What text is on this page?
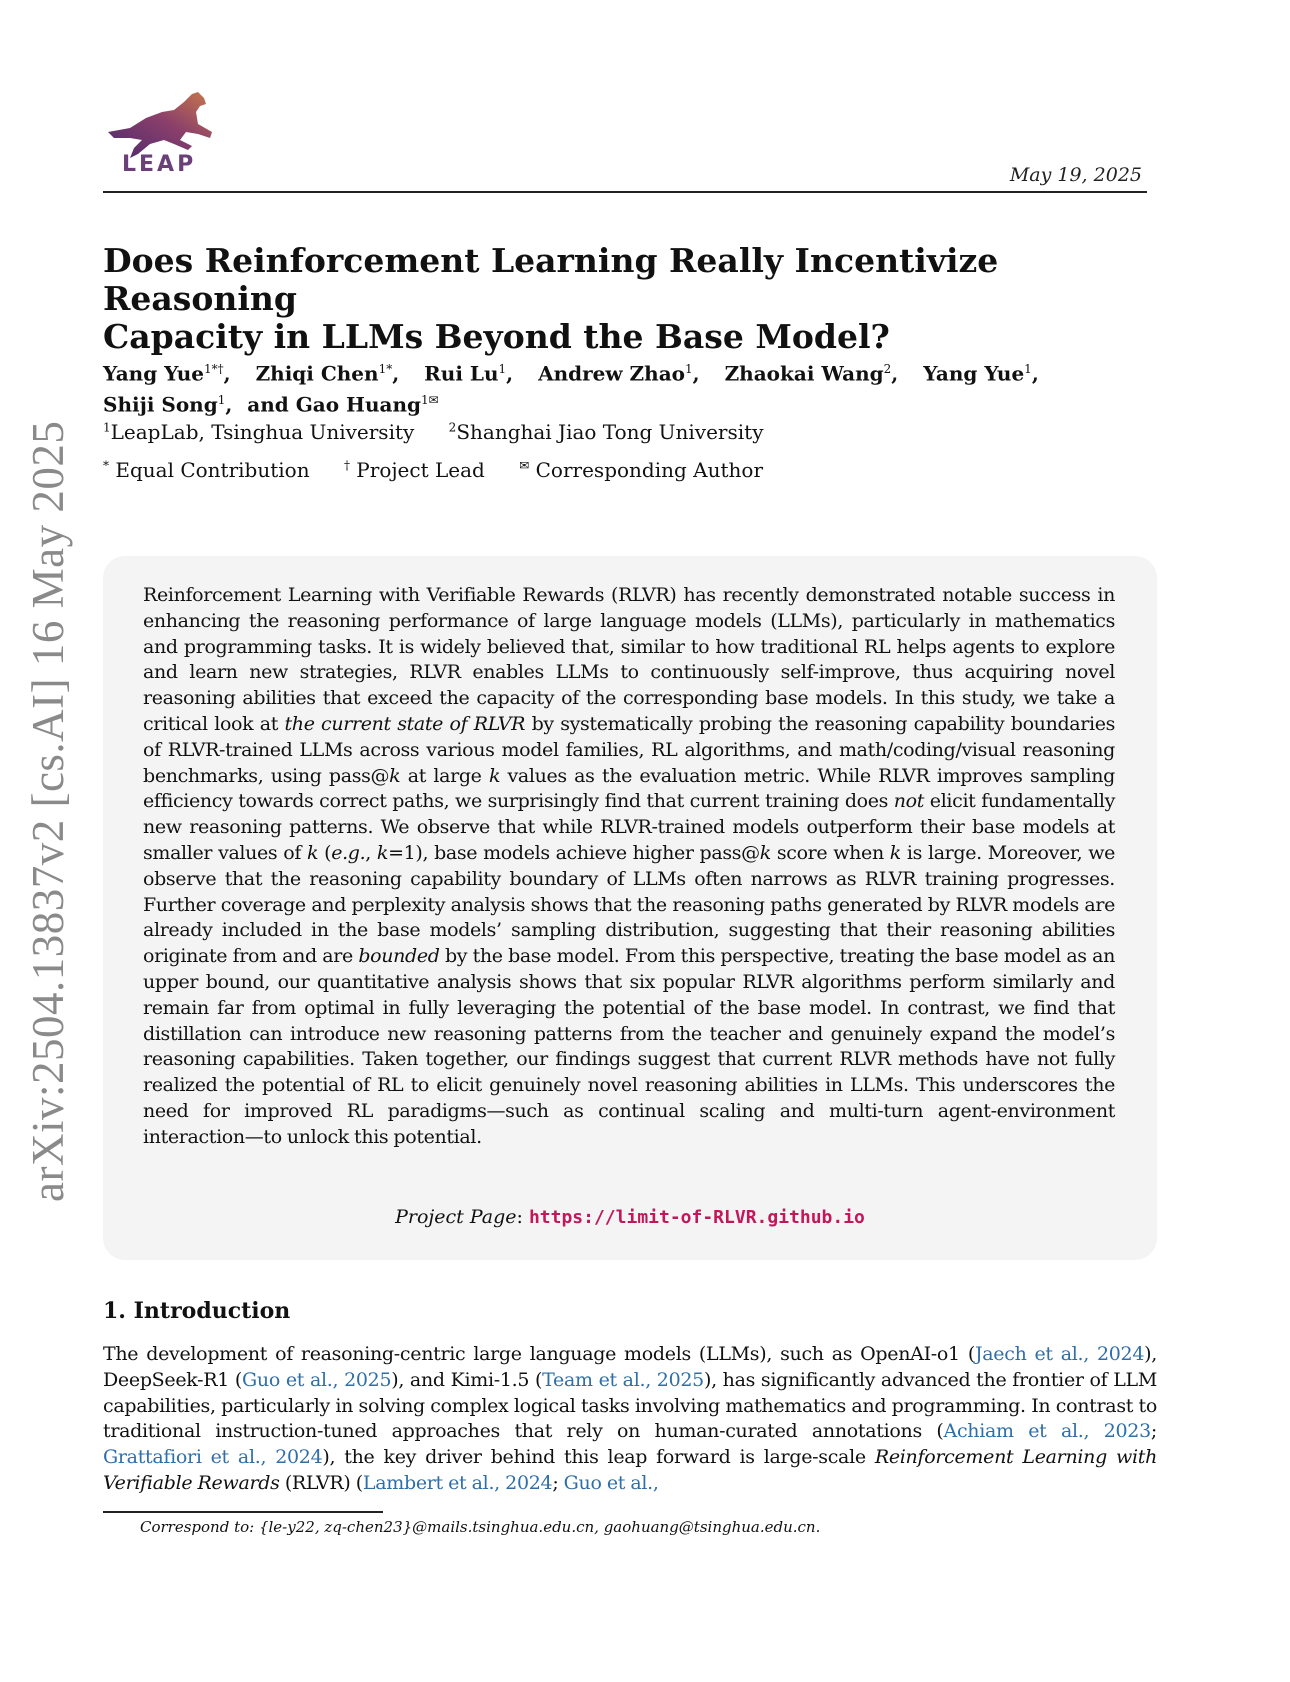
arXiv:2504.13837v2 [cs.AI] 16 May 2025
LEAP	May 19, 2025
Does Reinforcement Learning Really Incentivize Reasoning
Capacity in LLMs Beyond the Base Model?
Yang Yue$^{1*\dagger}$, Zhiqi Chen$^{1*}$, Rui Lu$^1$, Andrew Zhao$^1$, Zhaokai Wang$^2$, Yang Yue$^1$,
Shiji Song$^1$, and Gao Huang$^{1✉}$
$^1$LeapLab, Tsinghua University	$^2$Shanghai Jiao Tong University
* Equal Contribution	† Project Lead	✉ Corresponding Author
Reinforcement Learning with Verifiable Rewards (RLVR) has recently demonstrated notable success in enhancing the reasoning performance of large language models (LLMs), particularly in mathematics and programming tasks. It is widely believed that, similar to how traditional RL helps agents to explore and learn new strategies, RLVR enables LLMs to continuously self-improve, thus acquiring novel reasoning abilities that exceed the capacity of the corresponding base models. In this study, we take a critical look at the current state of RLVR by systematically probing the reasoning capability boundaries of RLVR-trained LLMs across various model families, RL algorithms, and math/coding/visual reasoning benchmarks, using pass@k at large k values as the evaluation metric. While RLVR improves sampling efficiency towards correct paths, we surprisingly find that current training does not elicit fundamentally new reasoning patterns. We observe that while RLVR-trained models outperform their base models at smaller values of k (e.g., k=1), base models achieve higher pass@k score when k is large. Moreover, we observe that the reasoning capability boundary of LLMs often narrows as RLVR training progresses. Further coverage and perplexity analysis shows that the reasoning paths generated by RLVR models are already included in the base models’ sampling distribution, suggesting that their reasoning abilities originate from and are bounded by the base model. From this perspective, treating the base model as an upper bound, our quantitative analysis shows that six popular RLVR algorithms perform similarly and remain far from optimal in fully leveraging the potential of the base model. In contrast, we find that distillation can introduce new reasoning patterns from the teacher and genuinely expand the model’s reasoning capabilities. Taken together, our findings suggest that current RLVR methods have not fully realized the potential of RL to elicit genuinely novel reasoning abilities in LLMs. This underscores the need for improved RL paradigms—such as continual scaling and multi-turn agent-environment interaction—to unlock this potential.
Project Page: https://limit-of-RLVR.github.io
1. Introduction
The development of reasoning-centric large language models (LLMs), such as OpenAI-o1 (Jaech et al., 2024), DeepSeek-R1 (Guo et al., 2025), and Kimi-1.5 (Team et al., 2025), has significantly advanced the frontier of LLM capabilities, particularly in solving complex logical tasks involving mathematics and programming. In contrast to traditional instruction-tuned approaches that rely on human-curated annotations (Achiam et al., 2023; Grattafiori et al., 2024), the key driver behind this leap forward is large-scale Reinforcement Learning with Verifiable Rewards (RLVR) (Lambert et al., 2024; Guo et al.,
Correspond to: {le-y22, zq-chen23}@mails.tsinghua.edu.cn, gaohuang@tsinghua.edu.cn.
